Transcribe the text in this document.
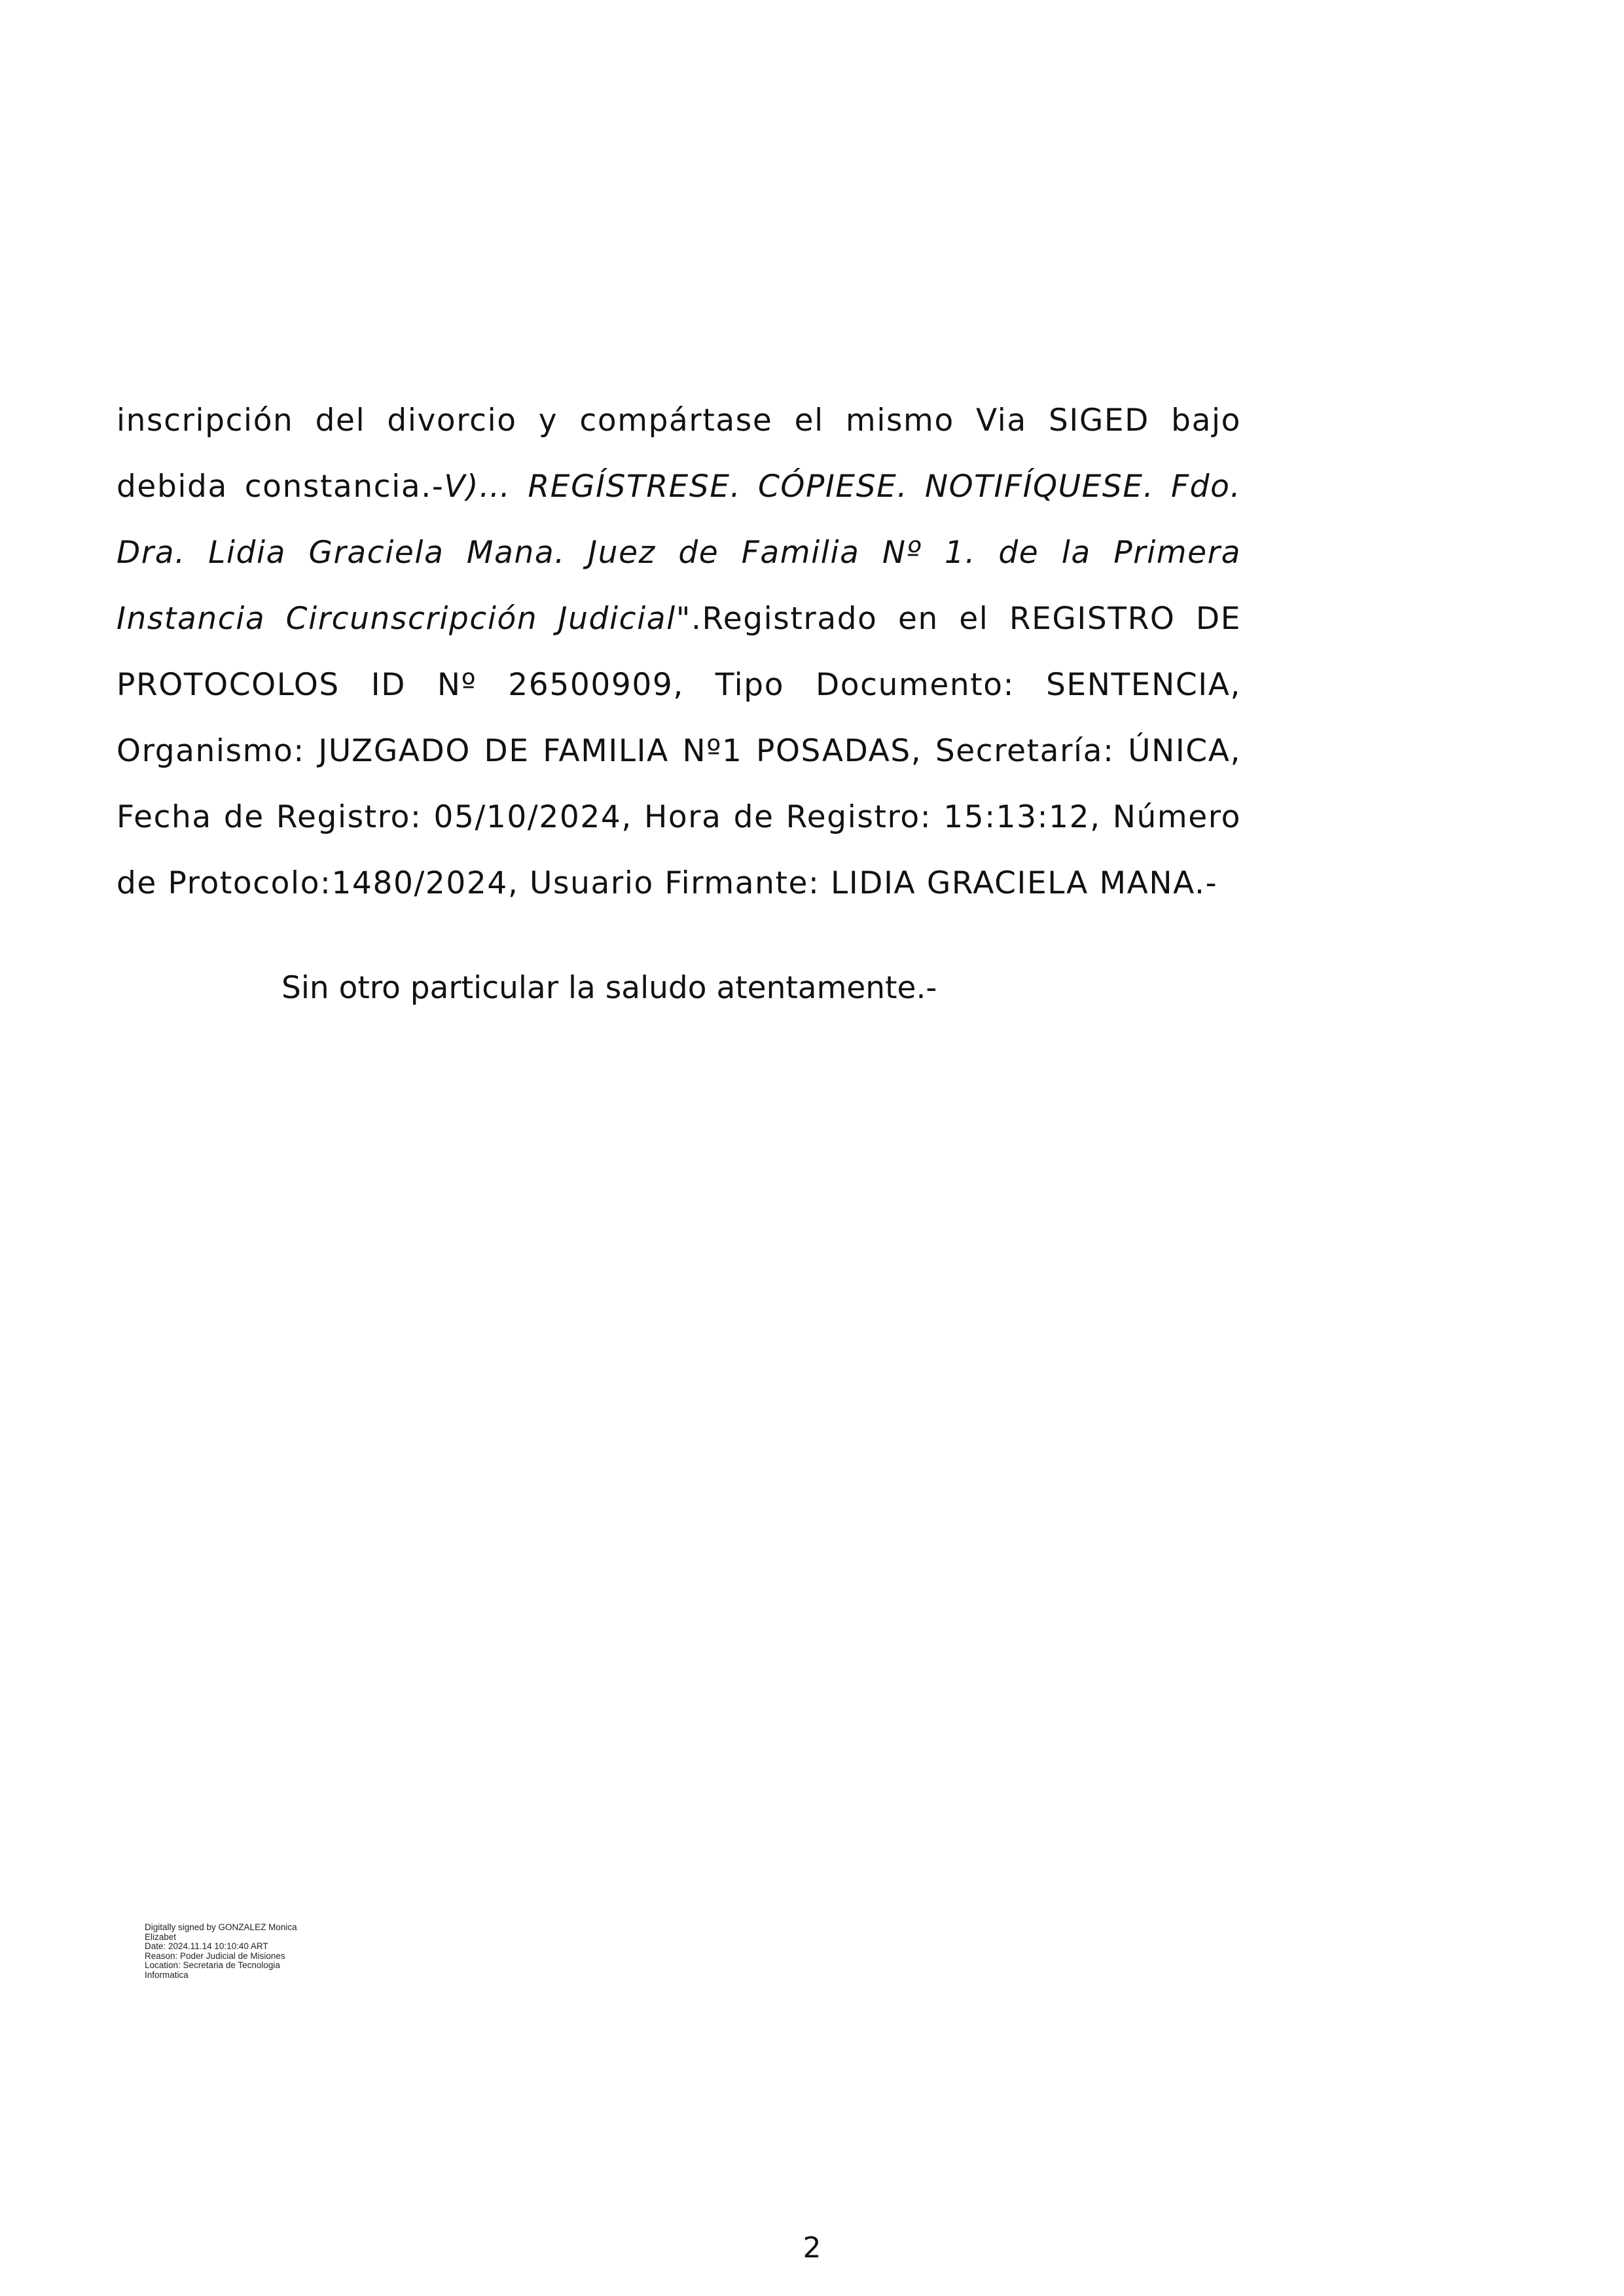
inscripción del divorcio y compártase el mismo Via SIGED bajo debida constancia.-V)… REGÍSTRESE. CÓPIESE. NOTIFÍQUESE. Fdo. Dra. Lidia Graciela Mana. Juez de Familia Nº 1. de la Primera Instancia Circunscripción Judicial".Registrado en el REGISTRO DE PROTOCOLOS ID Nº 26500909, Tipo Documento: SENTENCIA, Organismo: JUZGADO DE FAMILIA Nº1 POSADAS, Secretaría: ÚNICA, Fecha de Registro: 05/10/2024, Hora de Registro: 15:13:12, Número de Protocolo:1480/2024, Usuario Firmante: LIDIA GRACIELA MANA.-
Sin otro particular la saludo atentamente.-
Digitally signed by GONZALEZ Monica
Elizabet
Date: 2024.11.14 10:10:40 ART
Reason: Poder Judicial de Misiones
Location: Secretaria de Tecnologia
Informatica
2
